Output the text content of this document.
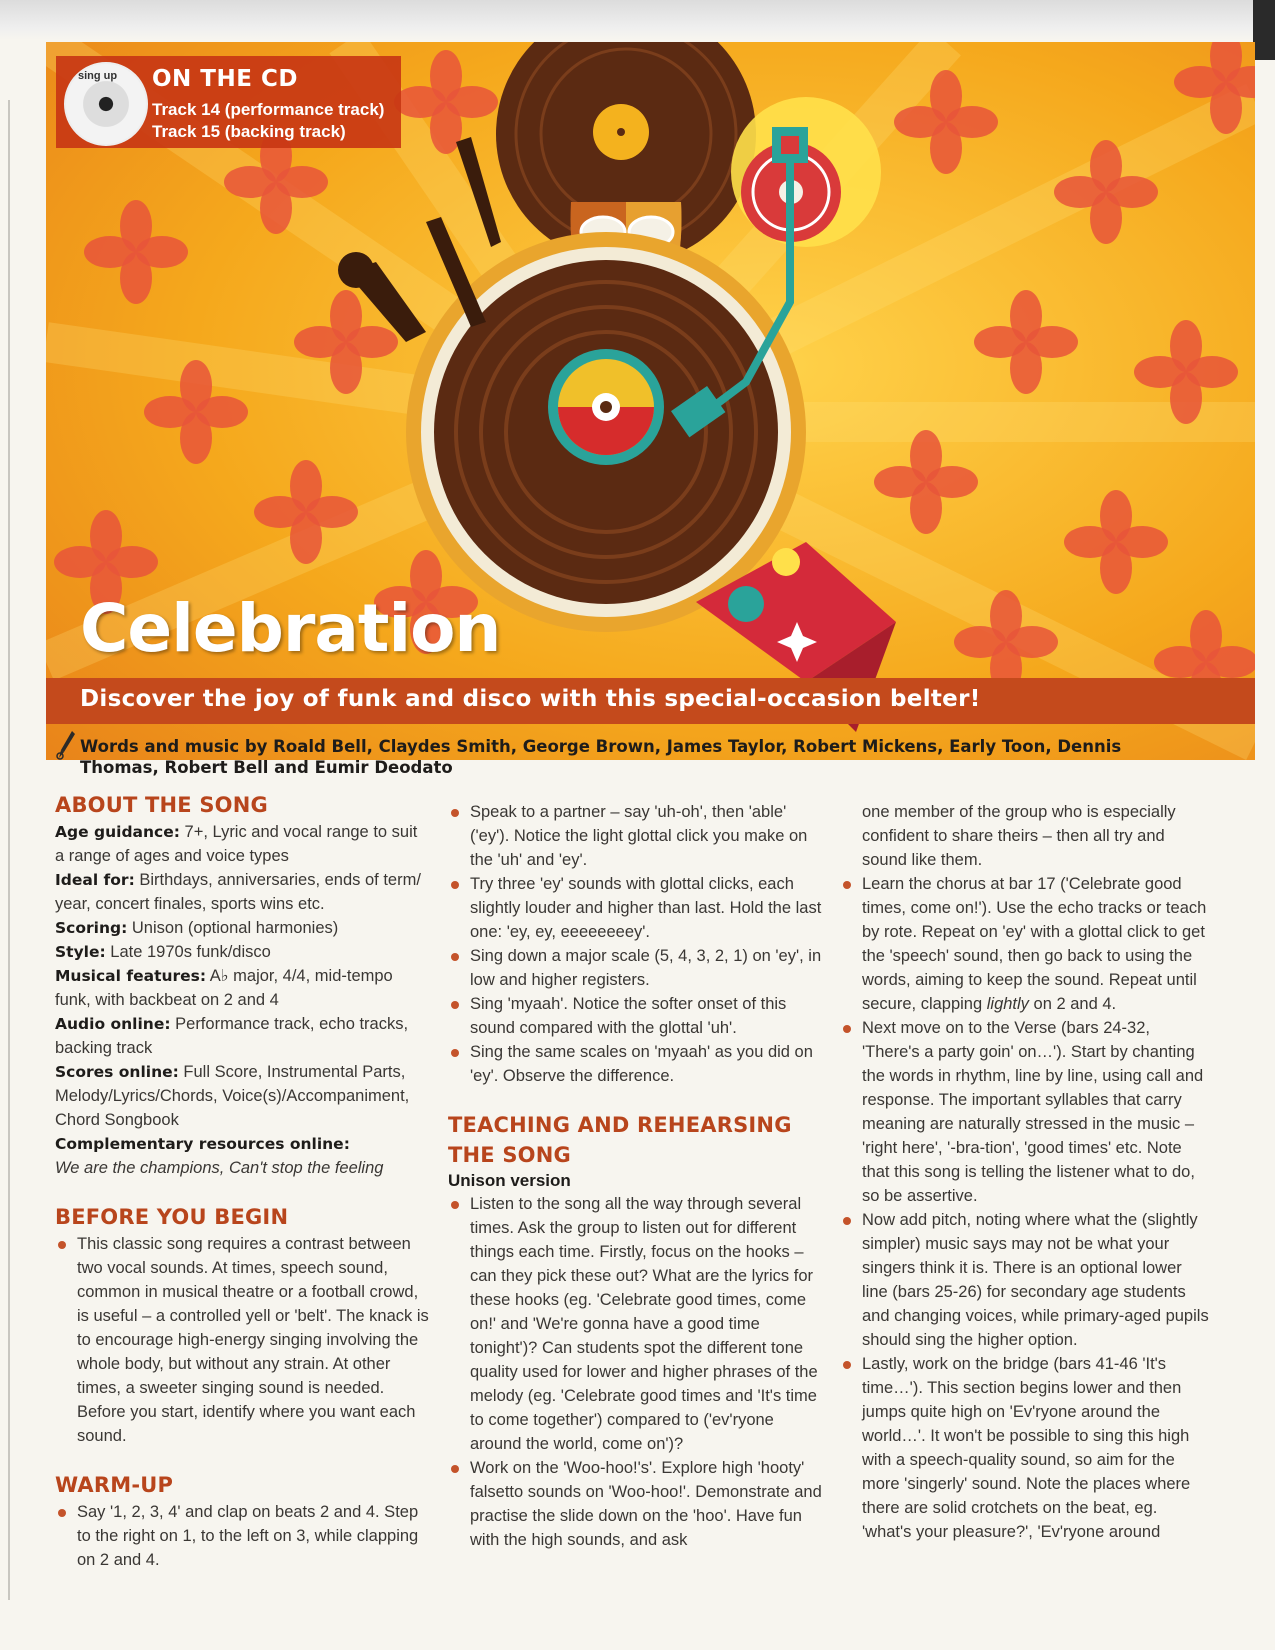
sing up ON THE CD
Track 14 (performance track)
Track 15 (backing track)
Celebration
Discover the joy of funk and disco with this special-occasion belter!
Words and music by Roald Bell, Claydes Smith, George Brown, James Taylor, Robert Mickens, Early Toon, Dennis Thomas, Robert Bell and Eumir Deodato
ABOUT THE SONG

Age guidance: 7+, Lyric and vocal range to suit a range of ages and voice types

Ideal for: Birthdays, anniversaries, ends of term/ year, concert finales, sports wins etc.

Scoring: Unison (optional harmonies)

Style: Late 1970s funk/disco

Musical features: A♭ major, 4/4, mid-tempo funk, with backbeat on 2 and 4

Audio online: Performance track, echo tracks, backing track

Scores online: Full Score, Instrumental Parts, Melody/Lyrics/Chords, Voice(s)/Accompaniment, Chord Songbook

Complementary resources online:

We are the champions, Can't stop the feeling

BEFORE YOU BEGIN
This classic song requires a contrast between two vocal sounds. At times, speech sound, common in musical theatre or a football crowd, is useful – a controlled yell or 'belt'. The knack is to encourage high-energy singing involving the whole body, but without any strain. At other times, a sweeter singing sound is needed. Before you start, identify where you want each sound.
WARM-UP
Say '1, 2, 3, 4' and clap on beats 2 and 4. Step to the right on 1, to the left on 3, while clapping on 2 and 4.
Speak to a partner – say 'uh-oh', then 'able' ('ey'). Notice the light glottal click you make on the 'uh' and 'ey'.
Try three 'ey' sounds with glottal clicks, each slightly louder and higher than last. Hold the last one: 'ey, ey, eeeeeeeey'.
Sing down a major scale (5, 4, 3, 2, 1) on 'ey', in low and higher registers.
Sing 'myaah'. Notice the softer onset of this sound compared with the glottal 'uh'.
Sing the same scales on 'myaah' as you did on 'ey'. Observe the difference.
TEACHING AND REHEARSING THE SONG

Unison version

Listen to the song all the way through several times. Ask the group to listen out for different things each time. Firstly, focus on the hooks – can they pick these out? What are the lyrics for these hooks (eg. 'Celebrate good times, come on!' and 'We're gonna have a good time tonight')? Can students spot the different tone quality used for lower and higher phrases of the melody (eg. 'Celebrate good times and 'It's time to come together') compared to ('ev'ryone around the world, come on')?
Work on the 'Woo-hoo!'s'. Explore high 'hooty' falsetto sounds on 'Woo-hoo!'. Demonstrate and practise the slide down on the 'hoo'. Have fun with the high sounds, and ask

one member of the group who is especially confident to share theirs – then all try and sound like them.

Learn the chorus at bar 17 ('Celebrate good times, come on!'). Use the echo tracks or teach by rote. Repeat on 'ey' with a glottal click to get the 'speech' sound, then go back to using the words, aiming to keep the sound. Repeat until secure, clapping lightly on 2 and 4.
Next move on to the Verse (bars 24-32, 'There's a party goin' on…'). Start by chanting the words in rhythm, line by line, using call and response. The important syllables that carry meaning are naturally stressed in the music – 'right here', '-bra-tion', 'good times' etc. Note that this song is telling the listener what to do, so be assertive.
Now add pitch, noting where what the (slightly simpler) music says may not be what your singers think it is. There is an optional lower line (bars 25-26) for secondary age students and changing voices, while primary-aged pupils should sing the higher option.
Lastly, work on the bridge (bars 41-46 'It's time…'). This section begins lower and then jumps quite high on 'Ev'ryone around the world…'. It won't be possible to sing this high with a speech-quality sound, so aim for the more 'singerly' sound. Note the places where there are solid crotchets on the beat, eg. 'what's your pleasure?', 'Ev'ryone around
